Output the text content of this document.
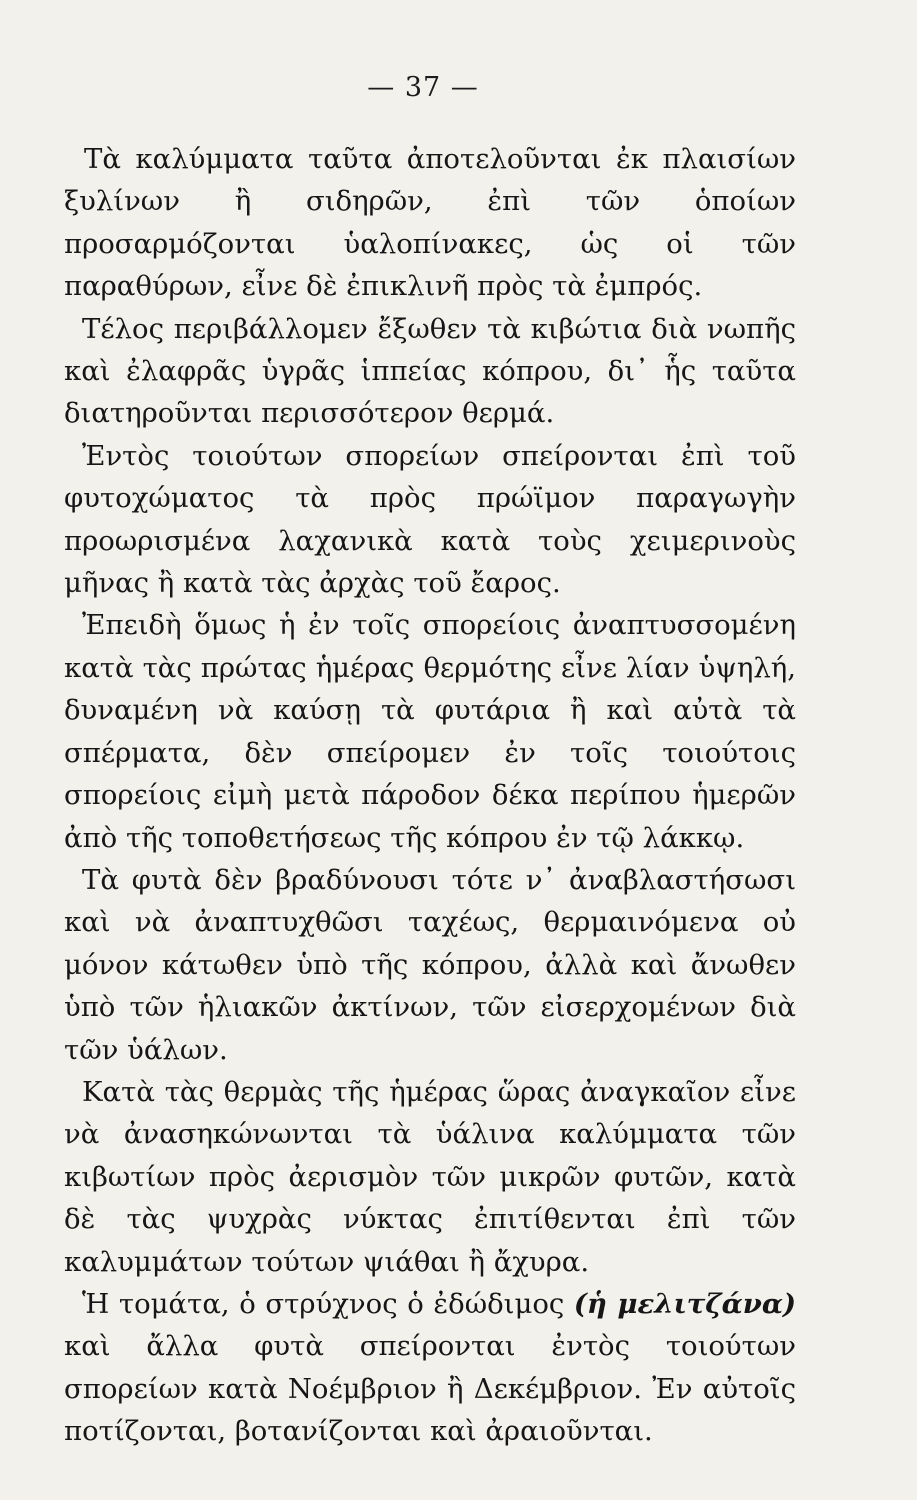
— 37 —

Τὰ καλύμματα ταῦτα ἀποτελοῦνται ἐκ πλαισίων ξυλίνων ἢ σιδηρῶν, ἐπὶ τῶν ὁποίων προσαρμόζονται ὑαλοπίνακες, ὡς οἱ τῶν παραθύρων, εἶνε δὲ ἐπικλινῆ πρὸς τὰ ἐμπρός.

Τέλος περιβάλλομεν ἔξωθεν τὰ κιβώτια διὰ νωπῆς καὶ ἐλαφρᾶς ὑγρᾶς ἱππείας κόπρου, δι᾿ ἧς ταῦτα διατηροῦνται περισσότερον θερμά.

Ἐντὸς τοιούτων σπορείων σπείρονται ἐπὶ τοῦ φυτοχώματος τὰ πρὸς πρώϊμον παραγωγὴν προωρισμένα λαχανικὰ κατὰ τοὺς χειμερινοὺς μῆνας ἢ κατὰ τὰς ἀρχὰς τοῦ ἔαρος.

Ἐπειδὴ ὅμως ἡ ἐν τοῖς σπορείοις ἀναπτυσσομένη κατὰ τὰς πρώτας ἡμέρας θερμότης εἶνε λίαν ὑψηλή, δυναμένη νὰ καύσῃ τὰ φυτάρια ἢ καὶ αὐτὰ τὰ σπέρματα, δὲν σπείρομεν ἐν τοῖς τοιούτοις σπορείοις εἰμὴ μετὰ πάροδον δέκα περίπου ἡμερῶν ἀπὸ τῆς τοποθετήσεως τῆς κόπρου ἐν τῷ λάκκῳ.

Τὰ φυτὰ δὲν βραδύνουσι τότε ν᾿ ἀναβλαστήσωσι καὶ νὰ ἀναπτυχθῶσι ταχέως, θερμαινόμενα οὐ μόνον κάτωθεν ὑπὸ τῆς κόπρου, ἀλλὰ καὶ ἄνωθεν ὑπὸ τῶν ἡλιακῶν ἀκτίνων, τῶν εἰσερχομένων διὰ τῶν ὑάλων.

Κατὰ τὰς θερμὰς τῆς ἡμέρας ὥρας ἀναγκαῖον εἶνε νὰ ἀνασηκώνωνται τὰ ὑάλινα καλύμματα τῶν κιβωτίων πρὸς ἀερισμὸν τῶν μικρῶν φυτῶν, κατὰ δὲ τὰς ψυχρὰς νύκτας ἐπιτίθενται ἐπὶ τῶν καλυμμάτων τούτων ψιάθαι ἢ ἄχυρα.

Ἡ τομάτα, ὁ στρύχνος ὁ ἐδώδιμος (ἡ μελιτζάνα) καὶ ἄλλα φυτὰ σπείρονται ἐντὸς τοιούτων σπορείων κατὰ Νοέμβριον ἢ Δεκέμβριον. Ἐν αὐτοῖς ποτίζονται, βοτανίζονται καὶ ἀραιοῦνται.
